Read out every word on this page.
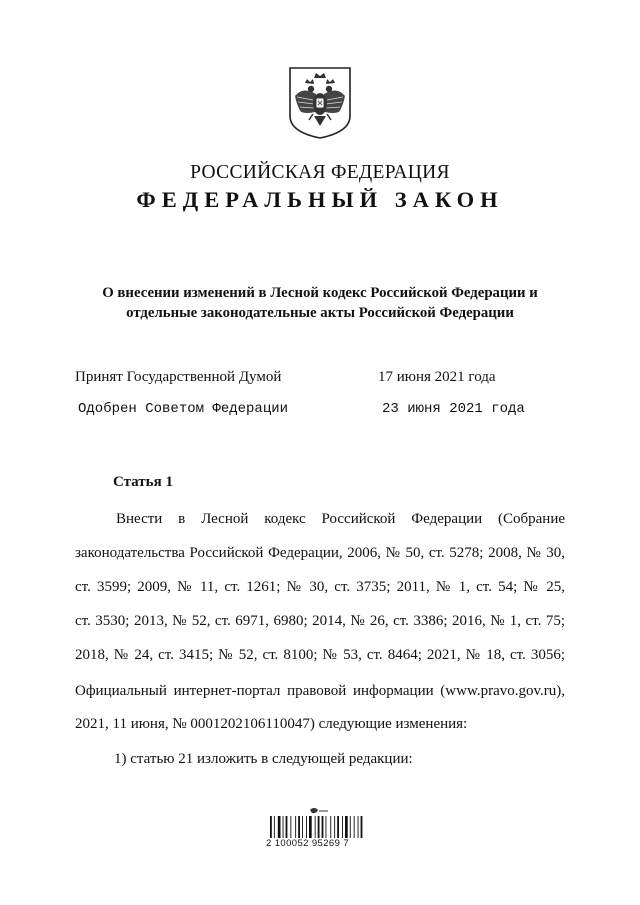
РОССИЙСКАЯ ФЕДЕРАЦИЯ
ФЕДЕРАЛЬНЫЙ ЗАКОН
О внесении изменений в Лесной кодекс Российской Федерации и
отдельные законодательные акты Российской Федерации
Принят Государственной Думой	17 июня 2021 года
Одобрен Советом Федерации	23 июня 2021 года
Статья 1
Внести в Лесной кодекс Российской Федерации (Собрание
законодательства Российской Федерации, 2006, № 50, ст. 5278; 2008, № 30,
ст. 3599; 2009, № 11, ст. 1261; № 30, ст. 3735; 2011, № 1, ст. 54; № 25,
ст. 3530; 2013, № 52, ст. 6971, 6980; 2014, № 26, ст. 3386; 2016, № 1, ст. 75;
2018, № 24, ст. 3415; № 52, ст. 8100; № 53, ст. 8464; 2021, № 18, ст. 3056;
Официальный интернет-портал правовой информации (www.pravo.gov.ru),
2021, 11 июня, № 0001202106110047) следующие изменения:
1) статью 21 изложить в следующей редакции:
2 100052 95269 7
